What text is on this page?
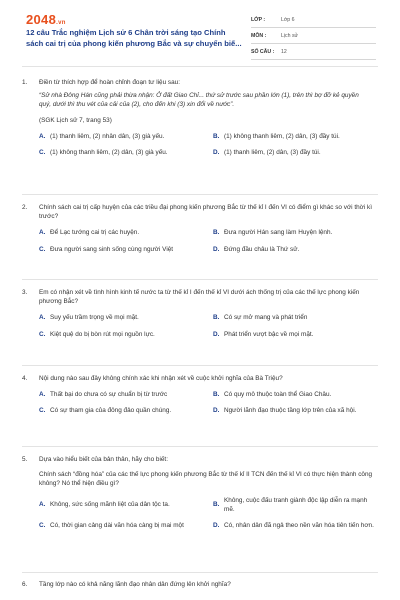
2048.vn
12 câu Trắc nghiệm Lịch sử 6 Chân trời sáng tạo Chính sách cai trị của phong kiến phương Bắc và sự chuyển biế...
LỚP :	Lớp 6
MÔN :	Lịch sử
SỐ CÂU :	12
1.	Điền từ thích hợp để hoàn chỉnh đoạn tư liệu sau:
“Sử nhà Đông Hán cũng phải thừa nhận: Ở đất Giao Chỉ... thứ sử trước sau phần lớn (1), trên thì bợ đỡ kẻ quyền quý, dưới thì thu vét của cải của (2), cho đến khi (3) xin đổi về nước”.
(SGK Lịch sử 7, trang 53)
A. (1) thanh liêm, (2) nhân dân, (3) già yếu.	B. (1) không thanh liêm, (2) dân, (3) đầy túi.
C. (1) không thanh liêm, (2) dân, (3) già yếu.	D. (1) thanh liêm, (2) dân, (3) đầy túi.
2.	Chính sách cai trị cấp huyện của các triều đại phong kiến phương Bắc từ thế kỉ I đến VI có điểm gì khác so với thời kì trước?
A. Để Lạc tướng cai trị các huyện.	B. Đưa người Hán sang làm Huyện lệnh.
C. Đưa người sang sinh sống cùng người Việt	D. Đứng đầu châu là Thứ sử.
3.	Em có nhận xét về tình hình kinh tế nước ta từ thế kỉ I đến thế kỉ VI dưới ách thống trị của các thế lực phong kiến phương Bắc?
A. Suy yếu trầm trọng về mọi mặt.	B. Có sự mở mang và phát triển
C. Kiệt quệ do bị bòn rút mọi nguồn lực.	D. Phát triển vượt bậc về mọi mặt.
4.	Nội dung nào sau đây không chính xác khi nhận xét về cuộc khởi nghĩa của Bà Triệu?
A. Thất bại do chưa có sự chuẩn bị từ trước	B. Có quy mô thuộc toàn thể Giao Châu.
C. Có sự tham gia của đông đảo quần chúng.	D. Người lãnh đạo thuộc tầng lớp trên của xã hội.
5.	Dựa vào hiểu biết của bản thân, hãy cho biết:
Chính sách “đồng hóa” của các thế lực phong kiến phương Bắc từ thế kỉ II TCN đến thế kỉ VI có thực hiện thành công không? Nó thể hiện điều gì?
A. Không, sức sống mãnh liệt của dân tộc ta.	B.
Không, cuộc đấu tranh giành độc lập diễn ra mạnh mẽ.
C. Có, thời gian cảng dài văn hóa càng bị mai một	D. Có, nhân dân đã ngả theo nền văn hóa tiên tiến hơn.
6.	Tầng lớp nào có khả năng lãnh đạo nhân dân đứng lên khởi nghĩa?
